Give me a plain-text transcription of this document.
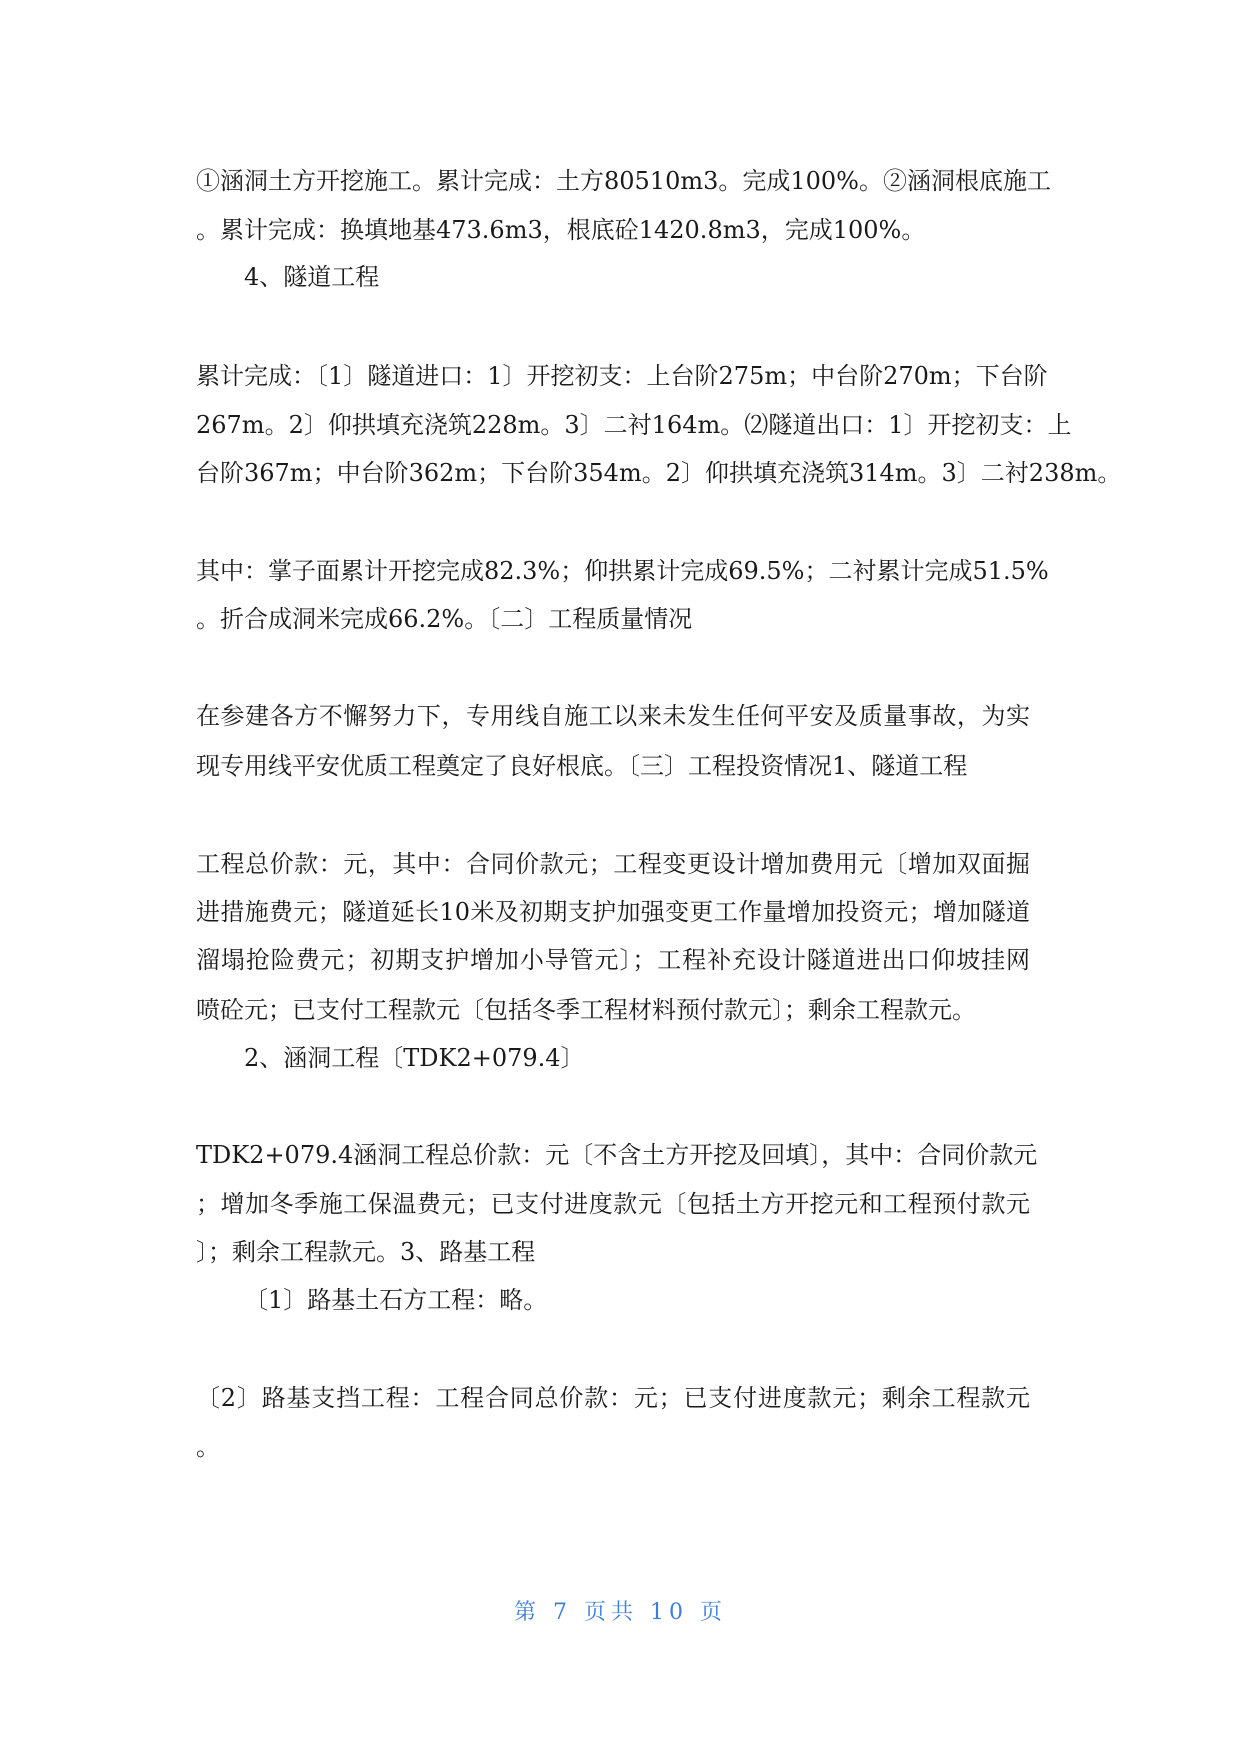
①涵洞土方开挖施工。累计完成：土方80510m3。完成100%。②涵洞根底施工
。累计完成：换填地基473.6m3，根底砼1420.8m3，完成100%。
4、隧道工程
累计完成：〔1〕隧道进口：1〕开挖初支：上台阶275m；中台阶270m；下台阶
267m。2〕仰拱填充浇筑228m。3〕二衬164m。⑵隧道出口：1〕开挖初支：上
台阶367m；中台阶362m；下台阶354m。2〕仰拱填充浇筑314m。3〕二衬238m。
其中：掌子面累计开挖完成82.3%；仰拱累计完成69.5%；二衬累计完成51.5%
。折合成洞米完成66.2%。〔二〕工程质量情况
在参建各方不懈努力下，专用线自施工以来未发生任何平安及质量事故，为实
现专用线平安优质工程奠定了良好根底。〔三〕工程投资情况1、隧道工程
工程总价款：元，其中：合同价款元；工程变更设计增加费用元〔增加双面掘
进措施费元；隧道延长10米及初期支护加强变更工作量增加投资元；增加隧道
溜塌抢险费元；初期支护增加小导管元〕；工程补充设计隧道进出口仰坡挂网
喷砼元；已支付工程款元〔包括冬季工程材料预付款元〕；剩余工程款元。
2、涵洞工程〔TDK2+079.4〕
TDK2+079.4涵洞工程总价款：元〔不含土方开挖及回填〕，其中：合同价款元
；增加冬季施工保温费元；已支付进度款元〔包括土方开挖元和工程预付款元
〕；剩余工程款元。3、路基工程
〔1〕路基土石方工程：略。
〔2〕路基支挡工程：工程合同总价款：元；已支付进度款元；剩余工程款元
。
第 7 页共 10 页
